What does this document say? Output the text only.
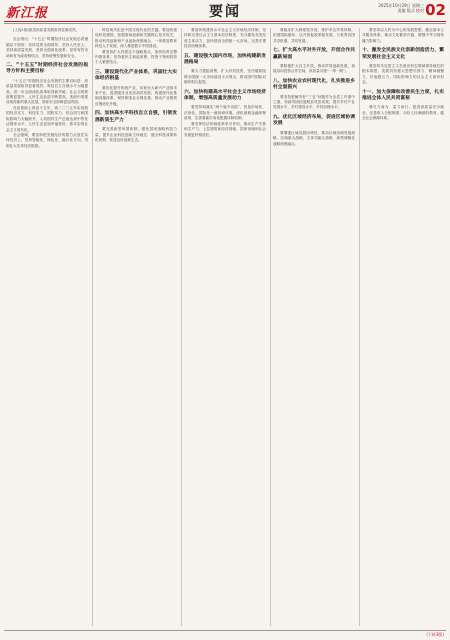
新江报	要闻	2025年10月29日 星期三
责编 版式 校对 02

(上接1版)推进高质量发展取得显著成效。

全会指出，“十五五”时期经济社会发展必须遵循以下原则：坚持党的全面领导，坚持人民至上，坚持高质量发展，坚持全面深化改革，坚持有效市场和有为政府相结合，坚持统筹发展和安全。

二、“十五五”时期经济社会发展的指导方针和主要目标

“十五五”时期经济社会发展的主要目标是：高质量发展取得显著成效，科技自立自强水平大幅提高，进一步全面深化改革取得新突破，社会文明程度明显提升，人民生活品质不断提高，美丽中国建设取得新的重大进展，国家安全屏障更加巩固。

在此基础上再奋斗五年，到二〇三五年实现我国经济实力、科技实力、国防实力、综合国力和国际影响力大幅跃升，人均国内生产总值达到中等发达国家水平，人民生活更加幸福美好，基本实现社会主义现代化。

全会强调，要坚持把发展经济的着力点放在实体经济上，坚持智能化、绿色化、融合化方向，巩固壮大实体经济根基。

科技现代化是中国式现代化的关键。要加快建设科技强国，加强原始创新和关键核心技术攻关，推动科技创新和产业创新深度融合，一体推进教育科技人才发展，深入推进数字中国建设。

要坚持扩大内需这个战略基点，加快培育完整内需体系，坚持惠民生和促消费、投资于物和投资于人紧密结合。

三、建设现代化产业体系，巩固壮大实体经济根基

要优化提升传统产业，培育壮大新兴产业和未来产业，促进服务业优质高效发展，构建现代化基础设施体系，保持制造业合理比重，推动产业链供应链优化升级。

四、加快高水平科技自立自强，引领发展新质生产力

要完善新型举国体制，强化国家战略科技力量，提升企业科技创新主体地位，健全科技成果转化机制，营造良好创新生态。

要加快构建高水平社会主义市场经济体制，坚持和完善社会主义基本经济制度，充分激发各类经营主体活力，加快建设全国统一大市场，完善宏观经济治理体系。

五、建设强大国内市场，加快构建新发展格局

要大力提振消费，扩大有效投资，坚决破除阻碍全国统一大市场建设卡点堵点，推动国内国际双循环相互促进。

六、加快构建高水平社会主义市场经济体制，增强高质量发展动力

要坚持和落实“两个毫不动摇”，营造市场化、法治化、国际化一流营商环境，深化财税金融体制改革，完善要素市场化配置体制机制。

要发挥经济体制改革牵引作用，推动生产关系和生产力、上层建筑和经济基础、国家治理和社会发展更好相适应。

要稳步扩大制度型开放，维护多边贸易体制，拓展国际循环，以开放促改革促发展，与世界各国共享机遇、共同发展。

七、扩大高水平对外开放，开创合作共赢新局面

要积极扩大自主开放，推动贸易创新发展，拓展双向投资合作空间，高质量共建“一带一路”。

八、加快农业农村现代化，扎实推进乡村全面振兴

要坚持把解决好“三农”问题作为全党工作重中之重，持续巩固拓展脱贫攻坚成果，提升乡村产业发展水平、乡村建设水平、乡村治理水平。

九、优化区域经济布局，促进区域协调发展

要增强区域发展协调性，推动区域协调发展战略、区域重大战略、主体功能区战略、新型城镇化战略深度融合。

要坚持以人民为中心的发展思想，健全基本公共服务体系，推动文化繁荣兴盛，增强中华文明传播力影响力。

十、激发全民族文化创新创造活力，繁荣发展社会主义文化

要坚持马克思主义在意识形态领域指导地位的根本制度，发展具有强大思想引领力、精神凝聚力、价值感召力、国际影响力的社会主义意识形态。

十一、加大保障和改善民生力度，扎实推进全体人民共同富裕

要尽力而为、量力而行，促进高质量充分就业，完善收入分配制度，办好人民满意的教育，健全社会保障体系。

(下转3版)
